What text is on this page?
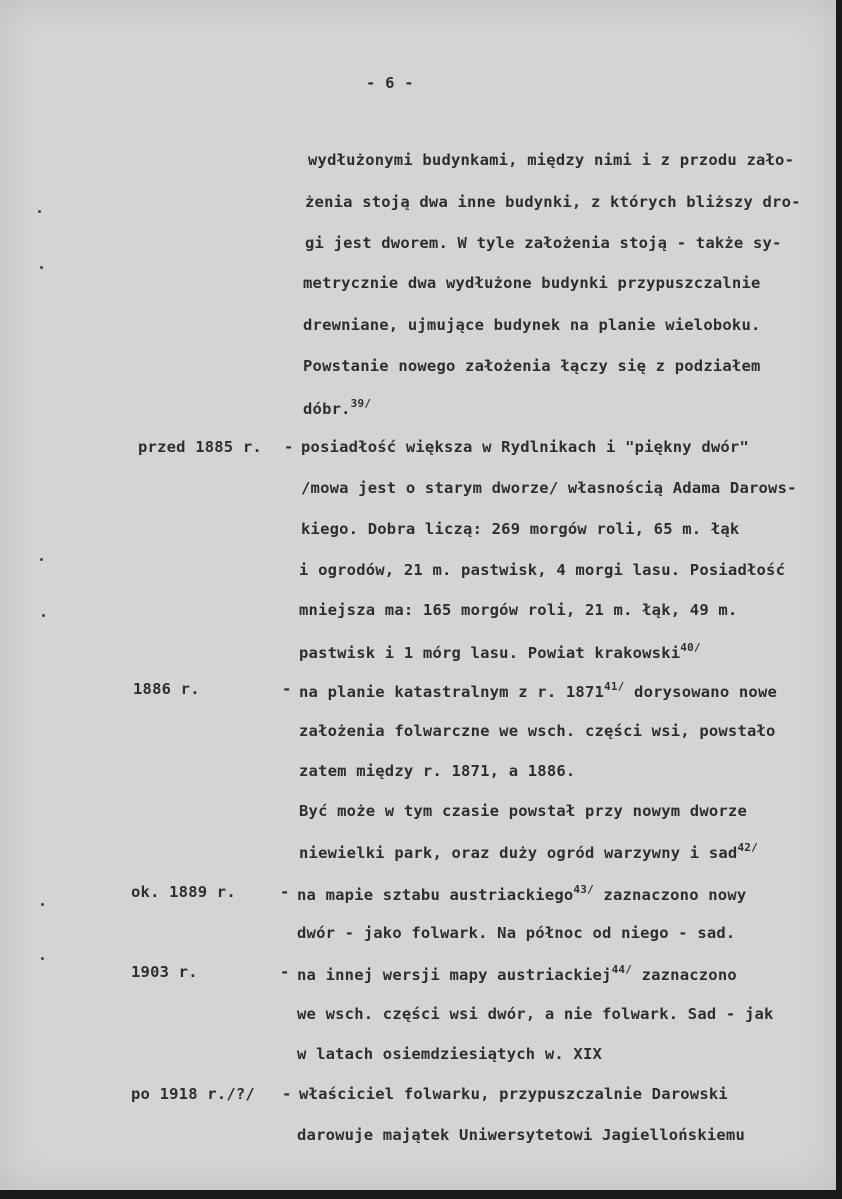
- 6 -
wydłużonymi budynkami, między nimi i z przodu zało-
żenia stoją dwa inne budynki, z których bliższy dro-
gi jest dworem. W tyle założenia stoją - także sy-
metrycznie dwa wydłużone budynki przypuszczalnie
drewniane, ujmujące budynek na planie wieloboku.
Powstanie nowego założenia łączy się z podziałem
dóbr.$^{39/}$
przed 1885 r. - posiadłość większa w Rydlnikach i "piękny dwór"
/mowa jest o starym dworze/ własnością Adama Darows-
kiego. Dobra liczą: 269 morgów roli, 65 m. łąk
i ogrodów, 21 m. pastwisk, 4 morgi lasu. Posiadłość
mniejsza ma: 165 morgów roli, 21 m. łąk, 49 m.
pastwisk i 1 mórg lasu. Powiat krakowski$^{40/}$
1886 r.	- na planie katastralnym z r. $1871^{41/}$ dorysowano nowe
założenia folwarczne we wsch. części wsi, powstało
zatem między r. 1871, a 1886.
Być może w tym czasie powstał przy nowym dworze
niewielki park, oraz duży ogród warzywny i sad$^{42/}$
ok. 1889 r.	- na mapie sztabu austriackiego$^{43/}$ zaznaczono nowy
dwór - jako folwark. Na północ od niego - sad.
1903 r.	- na innej wersji mapy austriackiej$^{44/}$ zaznaczono
we wsch. części wsi dwór, a nie folwark. Sad - jak
w latach osiemdziesiątych w. XIX
po 1918 r./?/ - właściciel folwarku, przypuszczalnie Darowski
darowuje majątek Uniwersytetowi Jagiellońskiemu
